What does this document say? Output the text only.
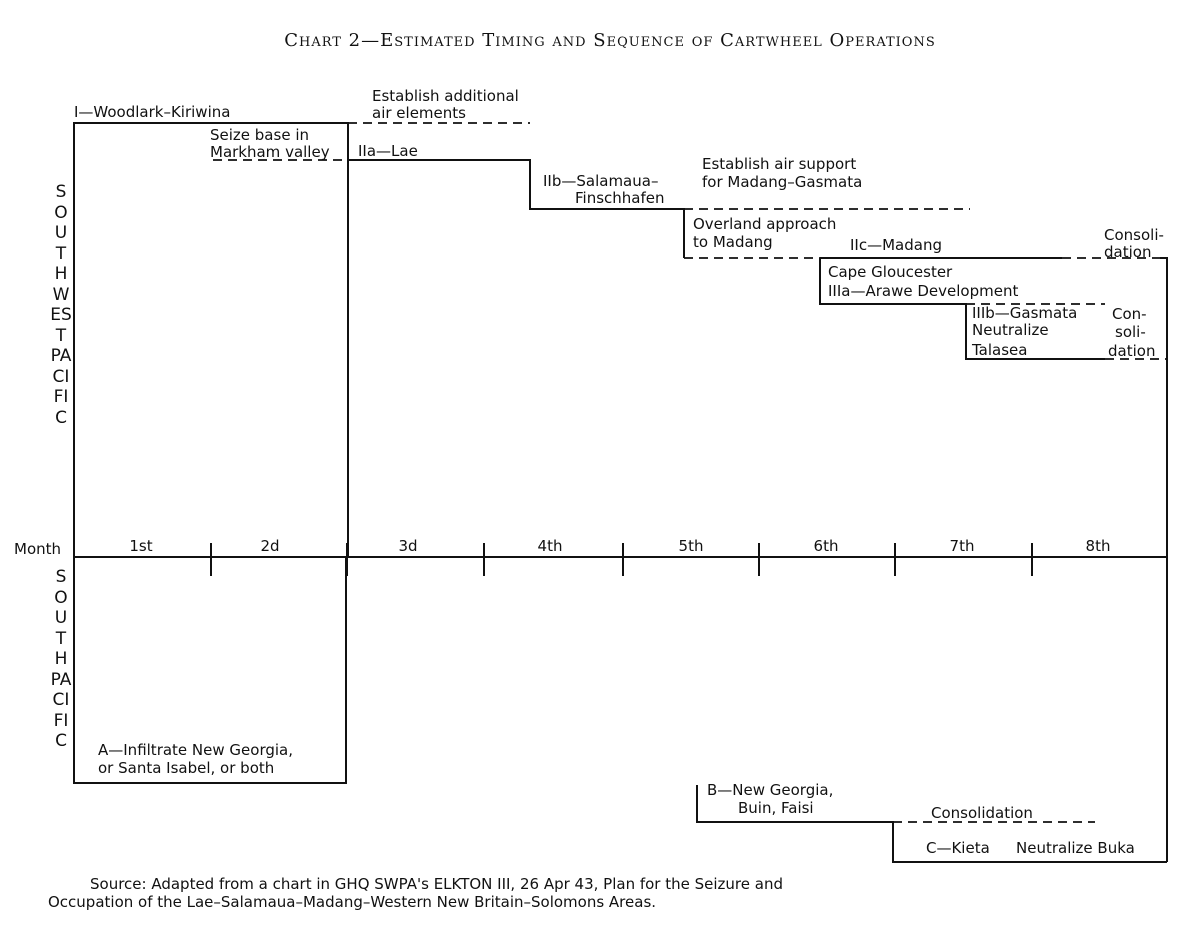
Chart 2—Estimated Timing and Sequence of Cartwheel Operations
SOUTHWEST PACIFIC
SOUTH PACIFIC
Month	1st	2d	3d	4th	5th	6th	7th	8th
I—Woodlark–Kiriwina
Seize base in
Markham valley
Establish additional
air elements
IIa—Lae
IIb—Salamaua–
Finschhafen
Establish air support
for Madang–Gasmata
Overland approach
to Madang	IIc—Madang
Consoli-
dation
Cape Gloucester
IIIa—Arawe Development
IIIb—Gasmata
Neutralize
Talasea
Con-
soli-
dation
A—Infiltrate New Georgia,
or Santa Isabel, or both
B—New Georgia,
Buin, Faisi	Consolidation
C—Kieta Neutralize Buka
Source: Adapted from a chart in GHQ SWPA's ELKTON III, 26 Apr 43, Plan for the Seizure and
Occupation of the Lae–Salamaua–Madang–Western New Britain–Solomons Areas.
